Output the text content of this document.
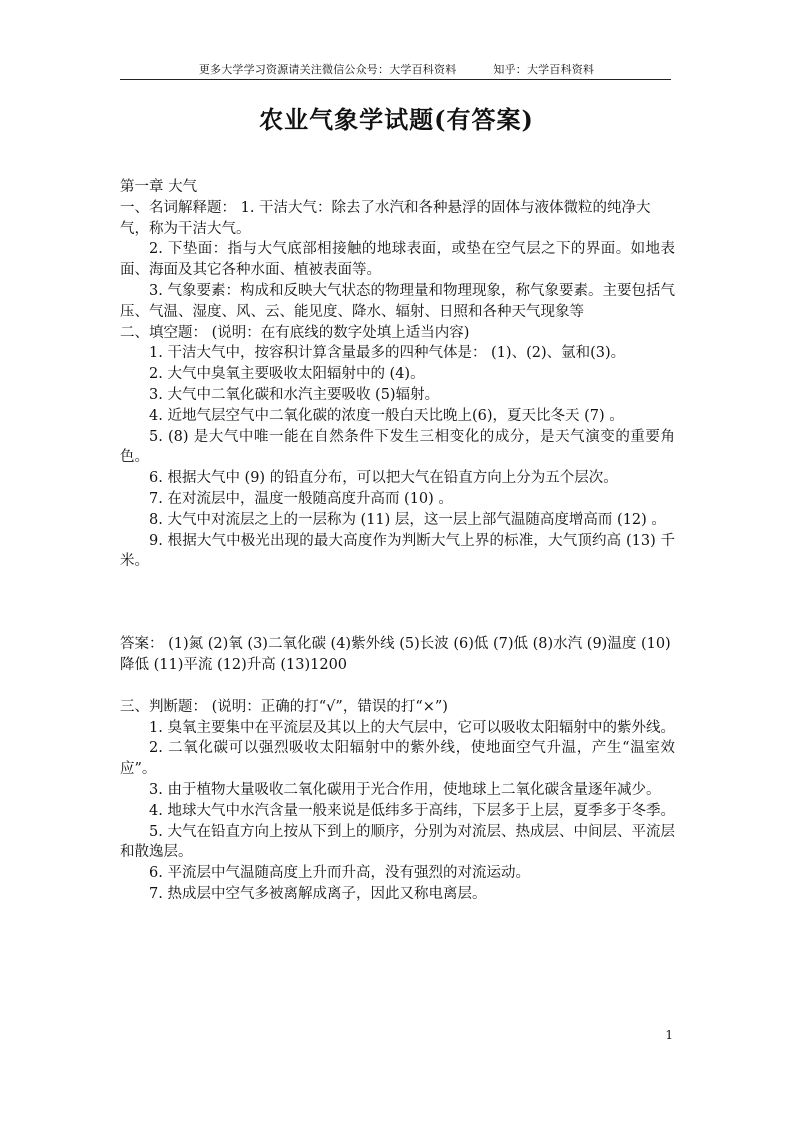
更多大学学习资源请关注微信公众号：大学百科资料          知乎：大学百科资料
农业气象学试题(有答案)
第一章 大气
一、名词解释题： 1. 干洁大气：除去了水汽和各种悬浮的固体与液体微粒的纯净大气，称为干洁大气。
2. 下垫面：指与大气底部相接触的地球表面，或垫在空气层之下的界面。如地表面、海面及其它各种水面、植被表面等。
3. 气象要素：构成和反映大气状态的物理量和物理现象，称气象要素。主要包括气压、气温、湿度、风、云、能见度、降水、辐射、日照和各种天气现象等
二、填空题： (说明：在有底线的数字处填上适当内容)
1. 干洁大气中，按容积计算含量最多的四种气体是： (1)、(2)、氩和(3)。
2. 大气中臭氧主要吸收太阳辐射中的 (4)。
3. 大气中二氧化碳和水汽主要吸收 (5)辐射。
4. 近地气层空气中二氧化碳的浓度一般白天比晚上(6)，夏天比冬天 (7) 。
5. (8) 是大气中唯一能在自然条件下发生三相变化的成分，是天气演变的重要角色。
6. 根据大气中 (9) 的铅直分布，可以把大气在铅直方向上分为五个层次。
7. 在对流层中，温度一般随高度升高而 (10) 。
8. 大气中对流层之上的一层称为 (11) 层，这一层上部气温随高度增高而 (12) 。
9. 根据大气中极光出现的最大高度作为判断大气上界的标准，大气顶约高 (13) 千米。
答案： (1)氮 (2)氧 (3)二氧化碳 (4)紫外线 (5)长波 (6)低 (7)低 (8)水汽 (9)温度 (10)降低 (11)平流 (12)升高 (13)1200
三、判断题： (说明：正确的打“√”，错误的打“×”)
1. 臭氧主要集中在平流层及其以上的大气层中，它可以吸收太阳辐射中的紫外线。
2. 二氧化碳可以强烈吸收太阳辐射中的紫外线，使地面空气升温，产生“温室效应”。
3. 由于植物大量吸收二氧化碳用于光合作用，使地球上二氧化碳含量逐年减少。
4. 地球大气中水汽含量一般来说是低纬多于高纬，下层多于上层，夏季多于冬季。
5. 大气在铅直方向上按从下到上的顺序，分别为对流层、热成层、中间层、平流层和散逸层。
6. 平流层中气温随高度上升而升高，没有强烈的对流运动。
7. 热成层中空气多被离解成离子，因此又称电离层。
1
